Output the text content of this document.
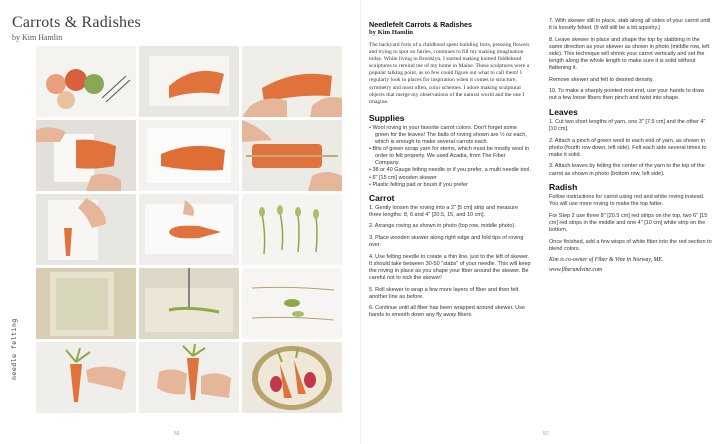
Carrots & Radishes
by Kim Hamlin
needle felting
56
Needlefelt Carrots & Radishes
by Kim Hamlin
The backyard forts of a childhood spent building forts, pressing flowers and trying to spot on fairies, continues to fill my making imagination today. While living in Brooklyn, I started making knitted fiddlehead sculptures to remind me of my home in Maine. These sculptures were a popular talking point, as so few could figure out what to call them! I regularly look to places for inspiration when it comes to structure, symmetry and most often, color schemes. I adore making sculptural objects that merge my observations of the natural world and the one I imagine.
Supplies
• Wool roving in your favorite carrot colors. Don't forget some green for the leaves! The balls of roving shown are ½ oz each, which is enough to make several carrots each.
• Bits of green scrap yarn for stems, which must be mostly wool in order to felt properly. We used Acadia, from The Fiber Company.
• 38 or 40 Gauge felting needle or if you prefer, a multi needle tool.
• 6" [15 cm] wooden skewer
• Plastic felting pad or brush if you prefer
Carrot
1. Gently loosen the roving into a 2" [5 cm] strip and measure three lengths: 8, 6 and 4" [20.5, 15, and 10 cm].
2. Arrange roving as shown in photo (top row, middle photo).
3. Place wooden skewer along right edge and fold tips of roving over.
4. Use felting needle to create a thin line, just to the left of skewer. It should take between 30-50 "stabs" of your needle. This will keep the roving in place as you shape your fiber around the skewer. Be careful not to nick the skewer!
5. Roll skewer to wrap a few more layers of fiber and then felt another line as before.
6. Continue until all fiber has been wrapped around skewer. Use hands to smooth down any fly away fibers.
7. With skewer still in place, stab along all sides of your carrot until it is loosely felted. (It will still be a bit squishy.)
8. Leave skewer in place and shape the top by stabbing in the same direction as your skewer as shown in photo (middle row, left side). This technique will shrink your carrot vertically and set the length along the whole length to make sure it is solid without flattening it.
Remove skewer and felt to desired density.
10. To make a sharply pointed root end, use your hands to draw out a few loose fibers then pinch and twist into shape.
Leaves
1. Cut two short lengths of yarn, one 3" [7.5 cm] and the other 4" [10 cm].
2. Attach a pinch of green wool to each end of yarn, as shown in photo (fourth row down, left side). Felt each side several times to make it solid.
3. Attach leaves by felting the center of the yarn to the top of the carrot as shown in photo (bottom row, left side).
Radish
Follow instructions for carrot using red and white roving instead. You will use more roving to make the top fatter.
For Step 2 use three 8" [20.5 cm] red strips on the top, two 6" [15 cm] red strips in the middle and one 4" [10 cm] white strip on the bottom.
Once finished, add a few wisps of white fiber into the red section to blend colors.
Kim is co-owner of Fiber & Vine in Norway, ME.
www.fiberandvine.com
57
